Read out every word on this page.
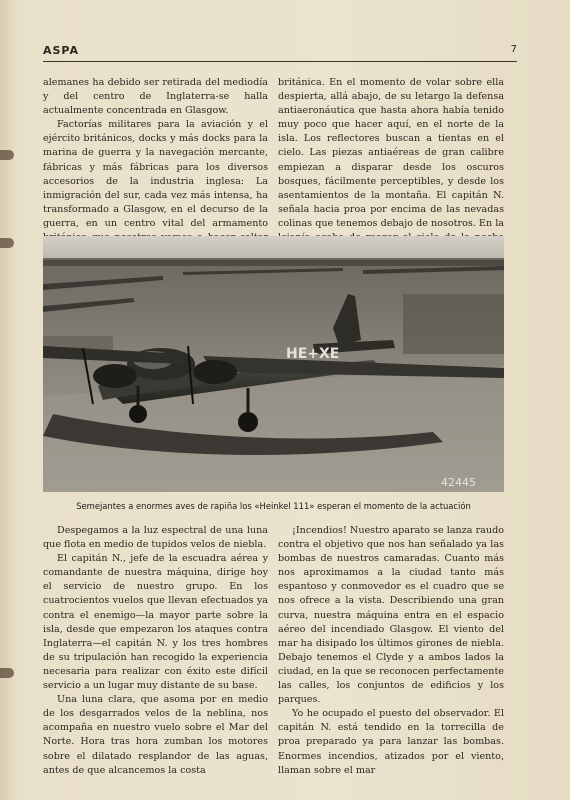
ASPA	7

alemanes ha debido ser retirada del mediodía y del centro de Inglaterra-se halla actualmente concentrada en Glasgow.

Factorías militares para la aviación y el ejército británicos, docks y más docks para la marina de guerra y la navegación mercante, fábricas y más fábricas para los diversos accesorios de la industria inglesa: La inmigración del sur, cada vez más intensa, ha transformado a Glasgow, en el decurso de la guerra, en un centro vital del armamento

británica. En el momento de volar sobre ella despierta, allá abajo, de su letargo la defensa antiaeronáutica que hasta ahora había tenido muy poco que hacer aquí, en el norte de la isla. Los reflectores buscan a tientas en el cielo. Las piezas antiaéreas de gran calibre empiezan a disparar desde los oscuros bosques, fácilmente perceptibles, y desde los asentamientos de la montaña. El capitán N. señala hacia proa por encima de las nevadas colinas que tenemos debajo de nosotros. En la

HE+XE
42445
Semejantes a enormes aves de rapiña los «Heinkel 111» esperan el momento de la actuación

Despegamos a la luz espectral de una luna que flota en medio de tupidos velos de niebla.

El capitán N., jefe de la escuadra aérea y comandante de nuestra máquina, dirige hoy el servicio de nuestro grupo. En los cuatrocientos vuelos que llevan efectuados ya contra el enemigo—la mayor parte sobre la isla, desde que empezaron los ataques contra Inglaterra—el capitán N. y los tres hombres de su tripulación han recogido la experiencia necesaria para realizar con éxito este difícil servicio a un lugar muy distante de su base.

Una luna clara, que asoma por en medio de los desgarrados velos de la neblina, nos acompaña en nuestro vuelo sobre el Mar del Norte. Hora tras hora zumban los motores sobre el dilatado resplandor de las aguas, antes de que alcancemos la costa

¡Incendios! Nuestro aparato se lanza raudo contra el objetivo que nos han señalado ya las bombas de nuestros camaradas. Cuanto más nos aproximamos a la ciudad tanto más espantoso y conmovedor es el cuadro que se nos ofrece a la vista. Describiendo una gran curva, nuestra máquina entra en el espacio aéreo del incendiado Glasgow. El viento del mar ha disipado los últimos girones de niebla. Debajo tenemos el Clyde y a ambos lados la ciudad, en la que se reconocen perfectamente las calles, los conjuntos de edificios y los parques.

Yo he ocupado el puesto del observador. El capitán N. está tendido en la torrecilla de proa preparado ya para lanzar las bombas. Enormes incendios, atizados por el viento, llaman sobre el mar
